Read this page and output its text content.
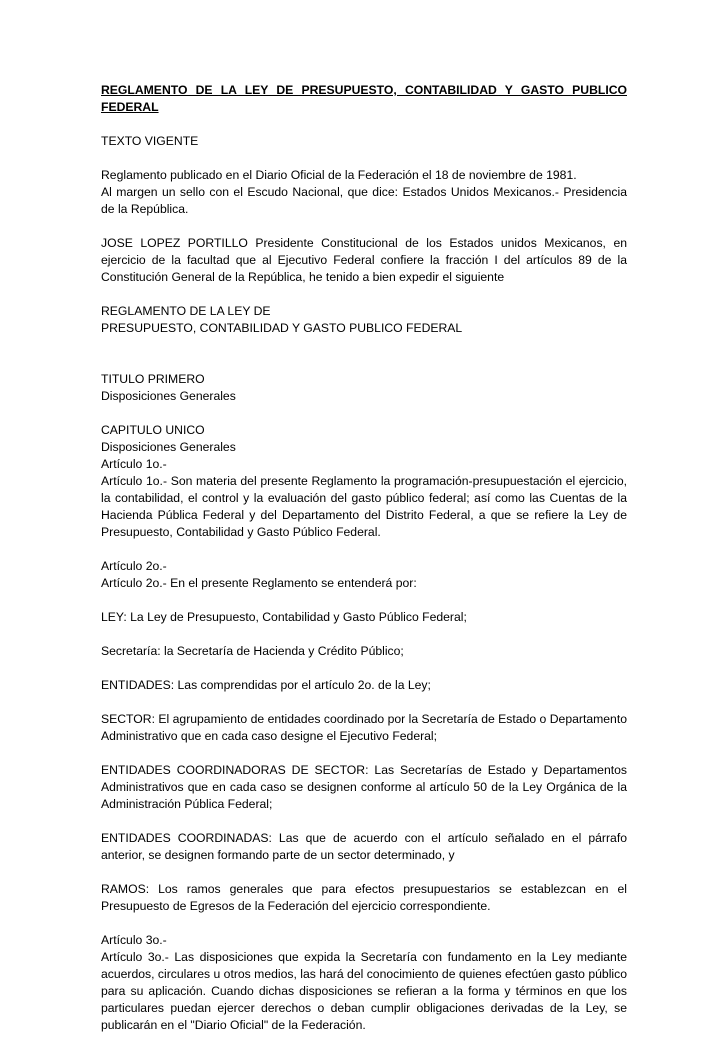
REGLAMENTO DE LA LEY DE PRESUPUESTO, CONTABILIDAD Y GASTO PUBLICO FEDERAL

TEXTO VIGENTE

Reglamento publicado en el Diario Oficial de la Federación el 18 de noviembre de 1981.
Al margen un sello con el Escudo Nacional, que dice: Estados Unidos Mexicanos.- Presidencia de la República.

JOSE LOPEZ PORTILLO Presidente Constitucional de los Estados unidos Mexicanos, en ejercicio de la facultad que al Ejecutivo Federal confiere la fracción I del artículos 89 de la Constitución General de la República, he tenido a bien expedir el siguiente

REGLAMENTO DE LA LEY DE
PRESUPUESTO, CONTABILIDAD Y GASTO PUBLICO FEDERAL

TITULO PRIMERO
Disposiciones Generales

CAPITULO UNICO
Disposiciones Generales
Artículo 1o.-

Artículo 1o.- Son materia del presente Reglamento la programación-presupuestación el ejercicio, la contabilidad, el control y la evaluación del gasto público federal; así como las Cuentas de la Hacienda Pública Federal y del Departamento del Distrito Federal, a que se refiere la Ley de Presupuesto, Contabilidad y Gasto Público Federal.

Artículo 2o.-

Artículo 2o.- En el presente Reglamento se entenderá por:

LEY: La Ley de Presupuesto, Contabilidad y Gasto Público Federal;

Secretaría: la Secretaría de Hacienda y Crédito Público;

ENTIDADES: Las comprendidas por el artículo 2o. de la Ley;

SECTOR: El agrupamiento de entidades coordinado por la Secretaría de Estado o Departamento Administrativo que en cada caso designe el Ejecutivo Federal;

ENTIDADES COORDINADORAS DE SECTOR: Las Secretarías de Estado y Departamentos Administrativos que en cada caso se designen conforme al artículo 50 de la Ley Orgánica de la Administración Pública Federal;

ENTIDADES COORDINADAS: Las que de acuerdo con el artículo señalado en el párrafo anterior, se designen formando parte de un sector determinado, y

RAMOS: Los ramos generales que para efectos presupuestarios se establezcan en el Presupuesto de Egresos de la Federación del ejercicio correspondiente.

Artículo 3o.-

Artículo 3o.- Las disposiciones que expida la Secretaría con fundamento en la Ley mediante acuerdos, circulares u otros medios, las hará del conocimiento de quienes efectúen gasto público para su aplicación. Cuando dichas disposiciones se refieran a la forma y términos en que los particulares puedan ejercer derechos o deban cumplir obligaciones derivadas de la Ley, se publicarán en el "Diario Oficial" de la Federación.
